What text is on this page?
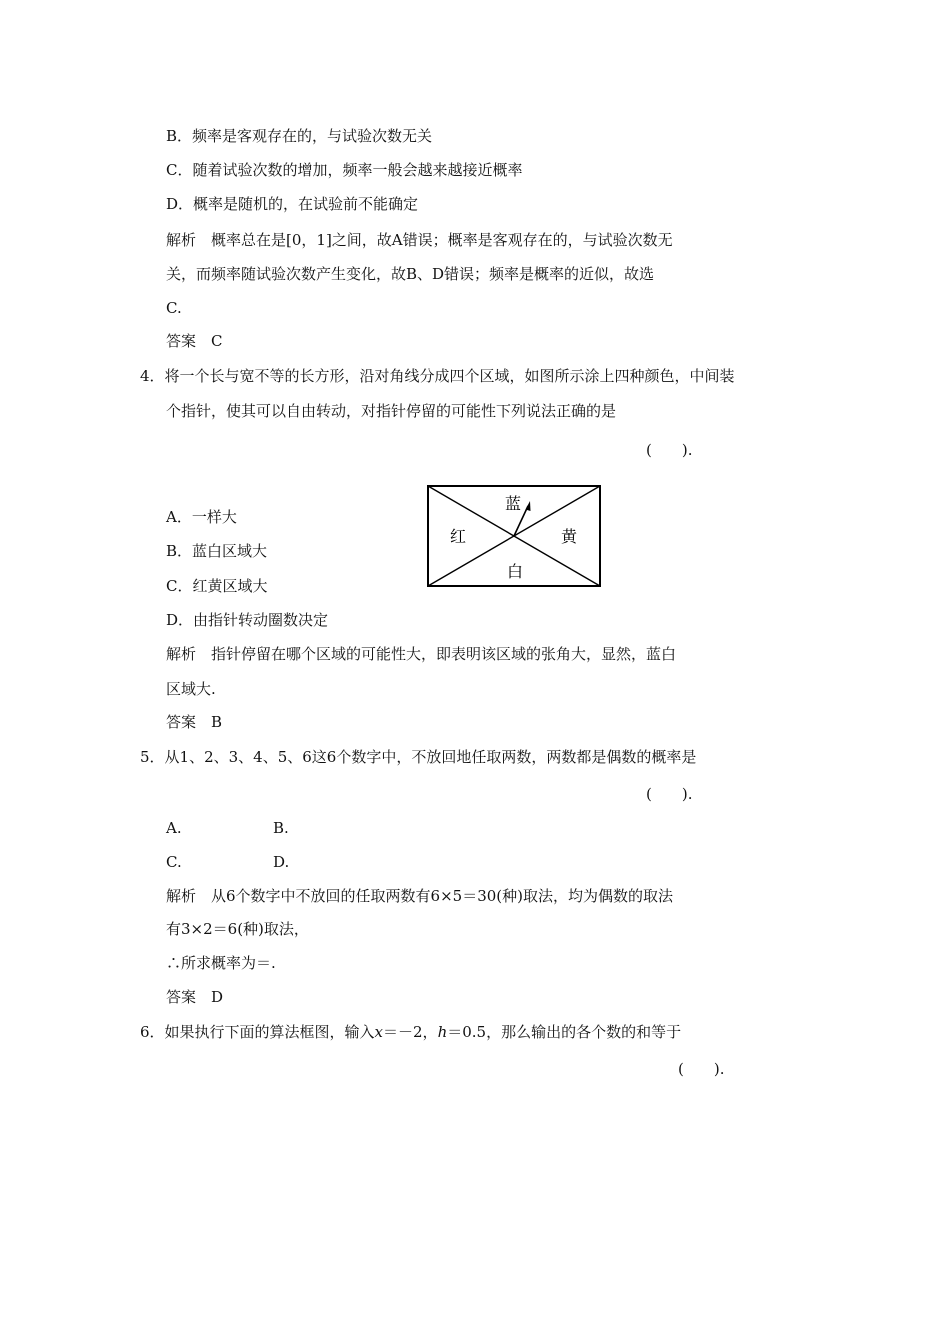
B．频率是客观存在的，与试验次数无关
C．随着试验次数的增加，频率一般会越来越接近概率
D．概率是随机的，在试验前不能确定
解析　概率总在是[0，1]之间，故A错误；概率是客观存在的，与试验次数无
关，而频率随试验次数产生变化，故B、D错误；频率是概率的近似，故选
C.
答案　C
4．将一个长与宽不等的长方形，沿对角线分成四个区域，如图所示涂上四种颜色，中间装
个指针，使其可以自由转动，对指针停留的可能性下列说法正确的是
(　　).
A．一样大
B．蓝白区域大
C．红黄区域大
D．由指针转动圈数决定
蓝
红	黄
白
解析　指针停留在哪个区域的可能性大，即表明该区域的张角大，显然，蓝白
区域大.
答案　B
5．从1、2、3、4、5、6这6个数字中，不放回地任取两数，两数都是偶数的概率是
(　　).
A.	B.
C.	D.
解析　从6个数字中不放回的任取两数有6×5＝30(种)取法，均为偶数的取法
有3×2＝6(种)取法，
∴所求概率为＝.
答案　D
6．如果执行下面的算法框图，输入x＝－2，h＝0.5，那么输出的各个数的和等于
(　　).
